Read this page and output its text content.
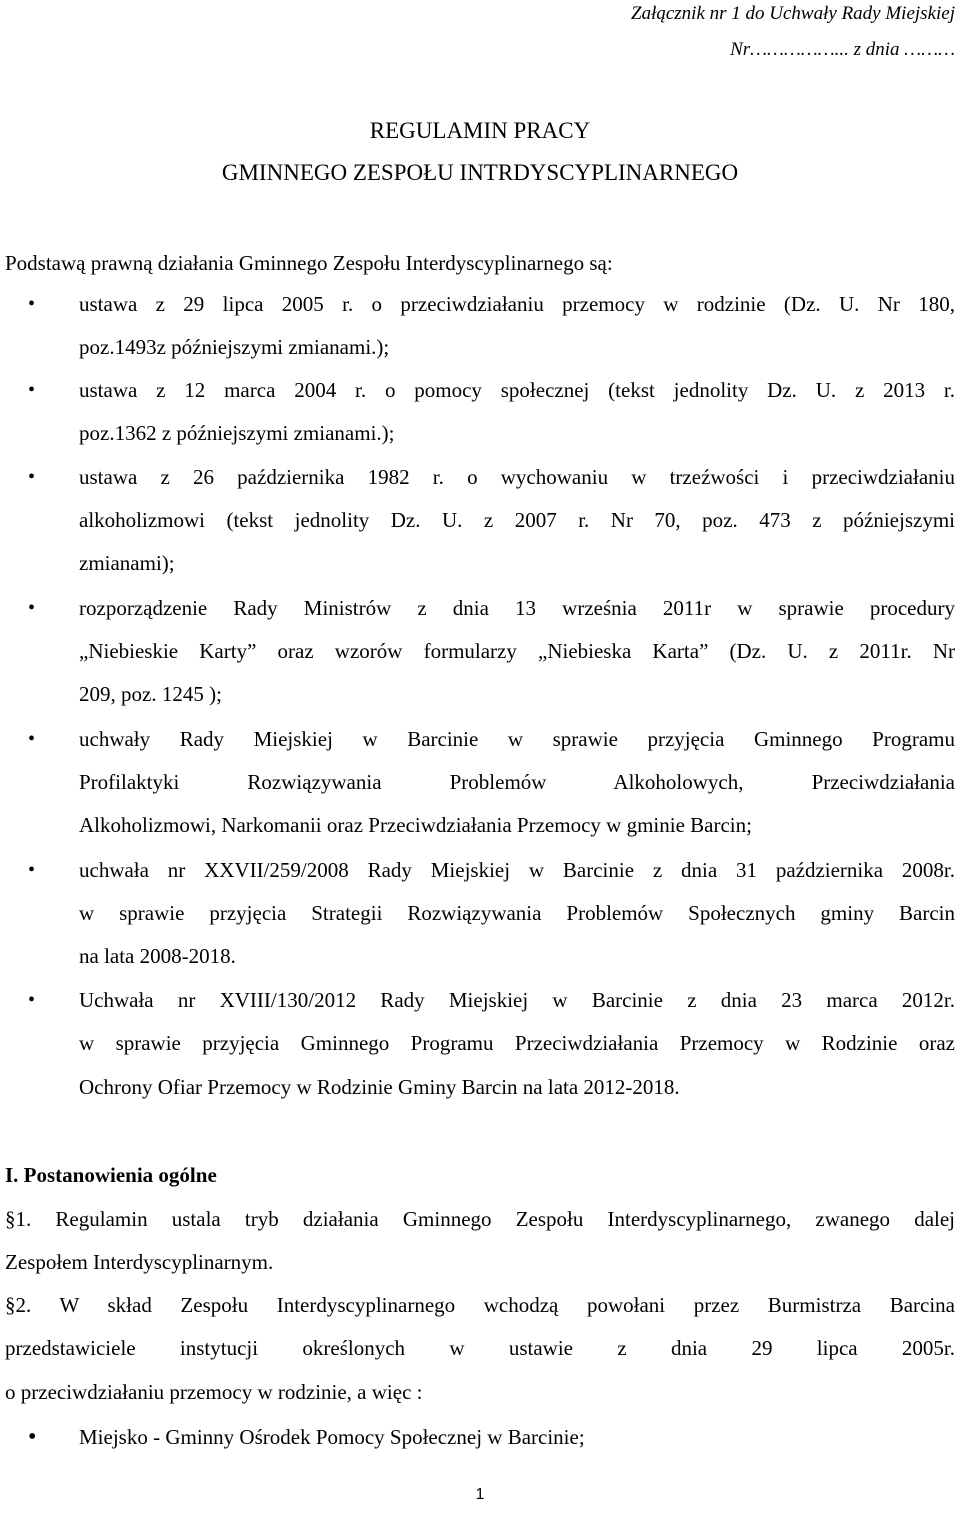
Załącznik nr 1 do Uchwały Rady Miejskiej
Nr……………... z dnia ………
REGULAMIN PRACY
GMINNEGO ZESPOŁU INTRDYSCYPLINARNEGO
Podstawą prawną działania Gminnego Zespołu Interdyscyplinarnego są:
• ustawa z 29 lipca 2005 r. o przeciwdziałaniu przemocy w rodzinie (Dz. U. Nr 180,
poz.1493z późniejszymi zmianami.);
• ustawa z 12 marca 2004 r. o pomocy społecznej (tekst jednolity Dz. U. z 2013 r.
poz.1362 z późniejszymi zmianami.);
• ustawa z 26 października 1982 r. o wychowaniu w trzeźwości i przeciwdziałaniu
alkoholizmowi (tekst jednolity Dz. U. z 2007 r. Nr 70, poz. 473 z późniejszymi
zmianami);
• rozporządzenie Rady Ministrów z dnia 13 września 2011r w sprawie procedury
„Niebieskie Karty” oraz wzorów formularzy „Niebieska Karta” (Dz. U. z 2011r. Nr
209, poz. 1245 );
• uchwały Rady Miejskiej w Barcinie w sprawie przyjęcia Gminnego Programu
Profilaktyki Rozwiązywania Problemów Alkoholowych, Przeciwdziałania
Alkoholizmowi, Narkomanii oraz Przeciwdziałania Przemocy w gminie Barcin;
• uchwała nr XXVII/259/2008 Rady Miejskiej w Barcinie z dnia 31 października 2008r.
w sprawie przyjęcia Strategii Rozwiązywania Problemów Społecznych gminy Barcin
na lata 2008-2018.
• Uchwała nr XVIII/130/2012 Rady Miejskiej w Barcinie z dnia 23 marca 2012r.
w sprawie przyjęcia Gminnego Programu Przeciwdziałania Przemocy w Rodzinie oraz
Ochrony Ofiar Przemocy w Rodzinie Gminy Barcin na lata 2012-2018.
I. Postanowienia ogólne
§1. Regulamin ustala tryb działania Gminnego Zespołu Interdyscyplinarnego, zwanego dalej
Zespołem Interdyscyplinarnym.
§2. W skład Zespołu Interdyscyplinarnego wchodzą powołani przez Burmistrza Barcina
przedstawiciele instytucji określonych w ustawie z dnia 29 lipca 2005r.
o przeciwdziałaniu przemocy w rodzinie, a więc :
• Miejsko - Gminny Ośrodek Pomocy Społecznej w Barcinie;
1
